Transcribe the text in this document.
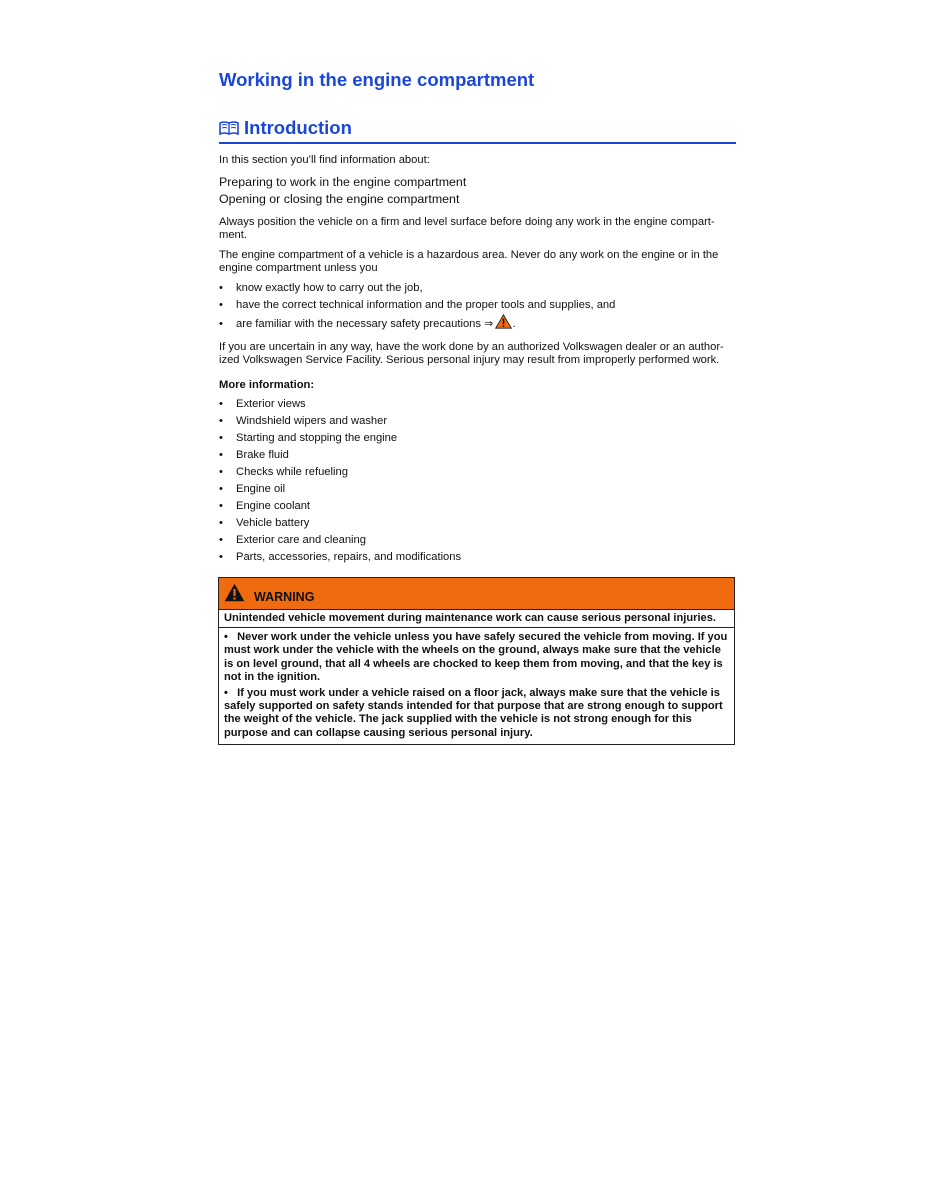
Working in the engine compartment
Introduction

In this section you’ll find information about:

Preparing to work in the engine compartment
Opening or closing the engine compartment

Always position the vehicle on a firm and level surface before doing any work in the engine compart-ment.

The engine compartment of a vehicle is a hazardous area. Never do any work on the engine or in the engine compartment unless you

• know exactly how to carry out the job,
• have the correct technical information and the proper tools and supplies, and
• are familiar with the necessary safety precautions ⇒ .

If you are uncertain in any way, have the work done by an authorized Volkswagen dealer or an author-ized Volkswagen Service Facility. Serious personal injury may result from improperly performed work.

More information:
• Exterior views
• Windshield wipers and washer
• Starting and stopping the engine
• Brake fluid
• Checks while refueling
• Engine oil
• Engine coolant
• Vehicle battery
• Exterior care and cleaning
• Parts, accessories, repairs, and modifications
WARNING

Unintended vehicle movement during maintenance work can cause serious personal injuries.

• Never work under the vehicle unless you have safely secured the vehicle from moving. If you must work under the vehicle with the wheels on the ground, always make sure that the vehicle is on level ground, that all 4 wheels are chocked to keep them from moving, and that the key is not in the ignition.

• If you must work under a vehicle raised on a floor jack, always make sure that the vehicle is safely supported on safety stands intended for that purpose that are strong enough to support the weight of the vehicle. The jack supplied with the vehicle is not strong enough for this purpose and can collapse causing serious personal injury.
